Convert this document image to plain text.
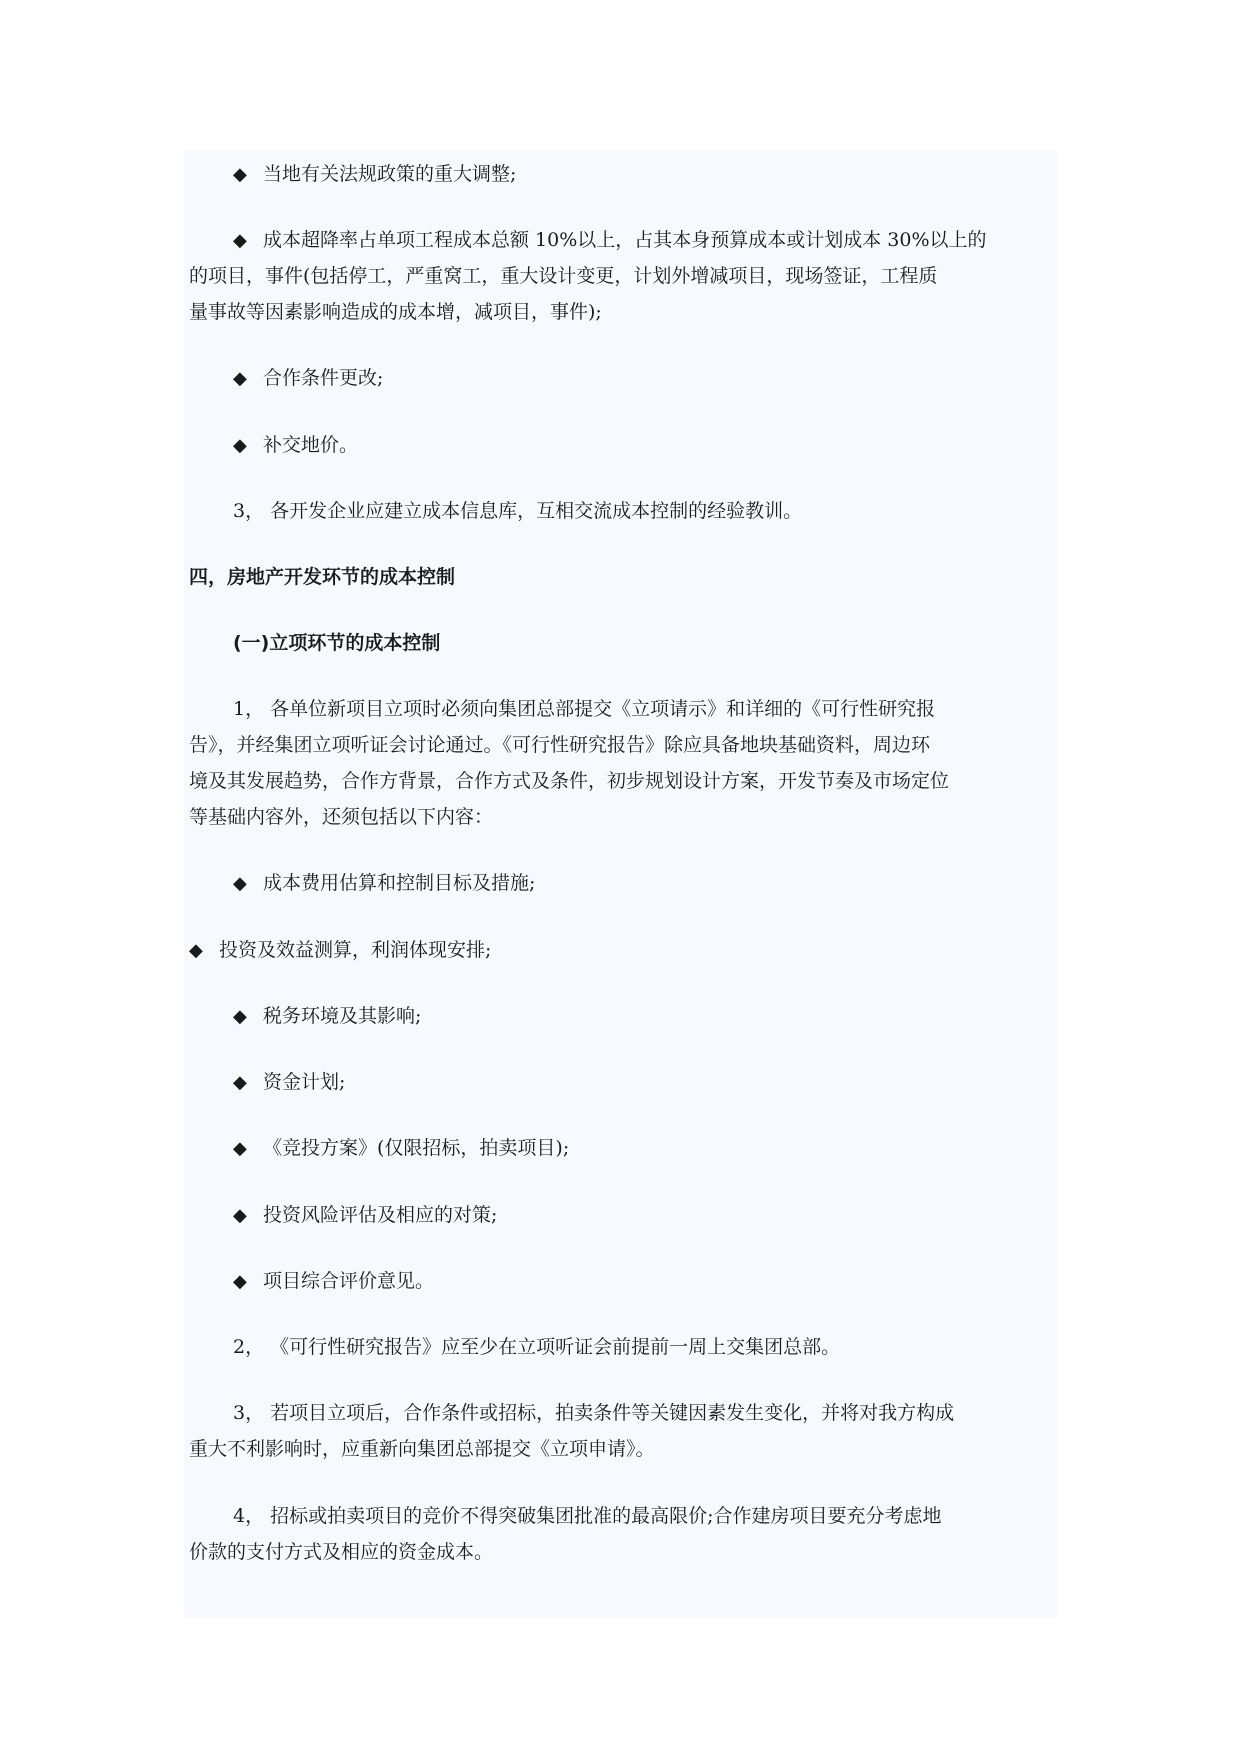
◆ 当地有关法规政策的重大调整;
◆ 成本超降率占单项工程成本总额 10%以上，占其本身预算成本或计划成本 30%以上的
的项目，事件(包括停工，严重窝工，重大设计变更，计划外增减项目，现场签证，工程质
量事故等因素影响造成的成本增，减项目，事件);
◆ 合作条件更改;
◆ 补交地价。
3， 各开发企业应建立成本信息库，互相交流成本控制的经验教训。
四，房地产开发环节的成本控制
(一)立项环节的成本控制
1， 各单位新项目立项时必须向集团总部提交《立项请示》和详细的《可行性研究报
告》，并经集团立项听证会讨论通过。《可行性研究报告》除应具备地块基础资料，周边环
境及其发展趋势，合作方背景，合作方式及条件，初步规划设计方案，开发节奏及市场定位
等基础内容外，还须包括以下内容：
◆ 成本费用估算和控制目标及措施;
◆ 投资及效益测算，利润体现安排;
◆ 税务环境及其影响;
◆ 资金计划;
◆ 《竞投方案》(仅限招标，拍卖项目);
◆ 投资风险评估及相应的对策;
◆ 项目综合评价意见。
2， 《可行性研究报告》应至少在立项听证会前提前一周上交集团总部。
3， 若项目立项后，合作条件或招标，拍卖条件等关键因素发生变化，并将对我方构成
重大不利影响时，应重新向集团总部提交《立项申请》。
4， 招标或拍卖项目的竞价不得突破集团批准的最高限价;合作建房项目要充分考虑地
价款的支付方式及相应的资金成本。
